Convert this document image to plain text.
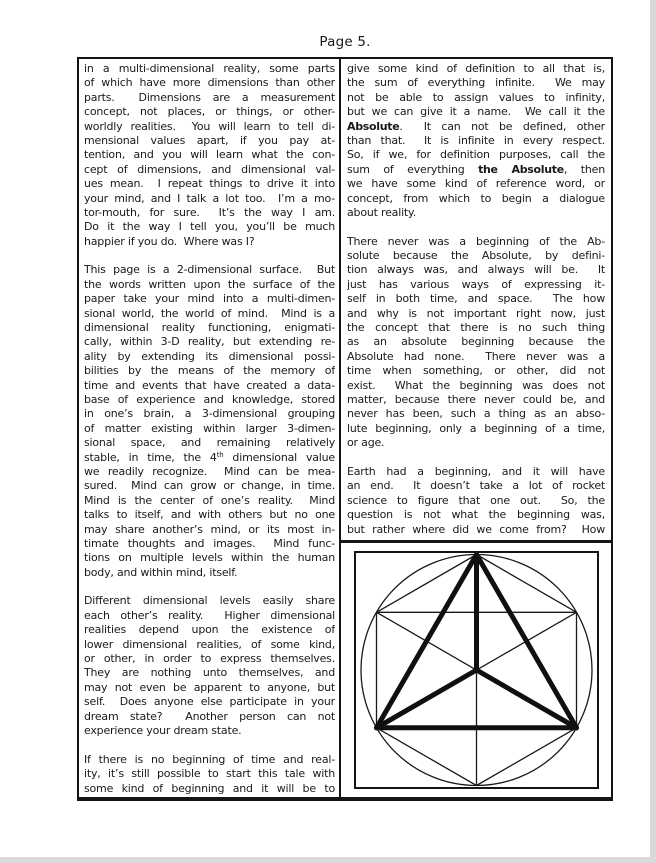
Page 5.
in a multi-dimensional reality, some parts
of which have more dimensions than other
parts.  Dimensions are a measurement
concept, not places, or things, or other-
worldly realities.  You will learn to tell di-
mensional values apart, if you pay at-
tention, and you will learn what the con-
cept of dimensions, and dimensional val-
ues mean.  I repeat things to drive it into
your mind, and I talk a lot too.  I’m a mo-
tor-mouth, for sure.  It’s the way I am.
Do it the way I tell you, you’ll be much
happier if you do.  Where was I?
This page is a 2-dimensional surface.  But
the words written upon the surface of the
paper take your mind into a multi-dimen-
sional world, the world of mind.  Mind is a
dimensional reality functioning, enigmati-
cally, within 3-D reality, but extending re-
ality by extending its dimensional possi-
bilities by the means of the memory of
time and events that have created a data-
base of experience and knowledge, stored
in one’s brain, a 3-dimensional grouping
of matter existing within larger 3-dimen-
sional space, and remaining relatively
stable, in time, the 4th dimensional value
we readily recognize.  Mind can be mea-
sured.  Mind can grow or change, in time.
Mind is the center of one’s reality.  Mind
talks to itself, and with others but no one
may share another’s mind, or its most in-
timate thoughts and images.  Mind func-
tions on multiple levels within the human
body, and within mind, itself.
Different dimensional levels easily share
each other’s reality.  Higher dimensional
realities depend upon the existence of
lower dimensional realities, of some kind,
or other, in order to express themselves.
They are nothing unto themselves, and
may not even be apparent to anyone, but
self.  Does anyone else participate in your
dream state?  Another person can not
experience your dream state.
If there is no beginning of time and real-
ity, it’s still possible to start this tale with
some kind of beginning and it will be to
give some kind of definition to all that is,
the sum of everything infinite.  We may
not be able to assign values to infinity,
but we can give it a name.  We call it the
Absolute.  It can not be defined, other
than that.  It is infinite in every respect.
So, if we, for definition purposes, call the
sum of everything the Absolute, then
we have some kind of reference word, or
concept, from which to begin a dialogue
about reality.
There never was a beginning of the Ab-
solute because the Absolute, by defini-
tion always was, and always will be.  It
just has various ways of expressing it-
self in both time, and space.  The how
and why is not important right now, just
the concept that there is no such thing
as an absolute beginning because the
Absolute had none.  There never was a
time when something, or other, did not
exist.  What the beginning was does not
matter, because there never could be, and
never has been, such a thing as an abso-
lute beginning, only a beginning of a time,
or age.
Earth had a beginning, and it will have
an end.  It doesn’t take a lot of rocket
science to figure that one out.  So, the
question is not what the beginning was,
but rather where did we come from?  How
